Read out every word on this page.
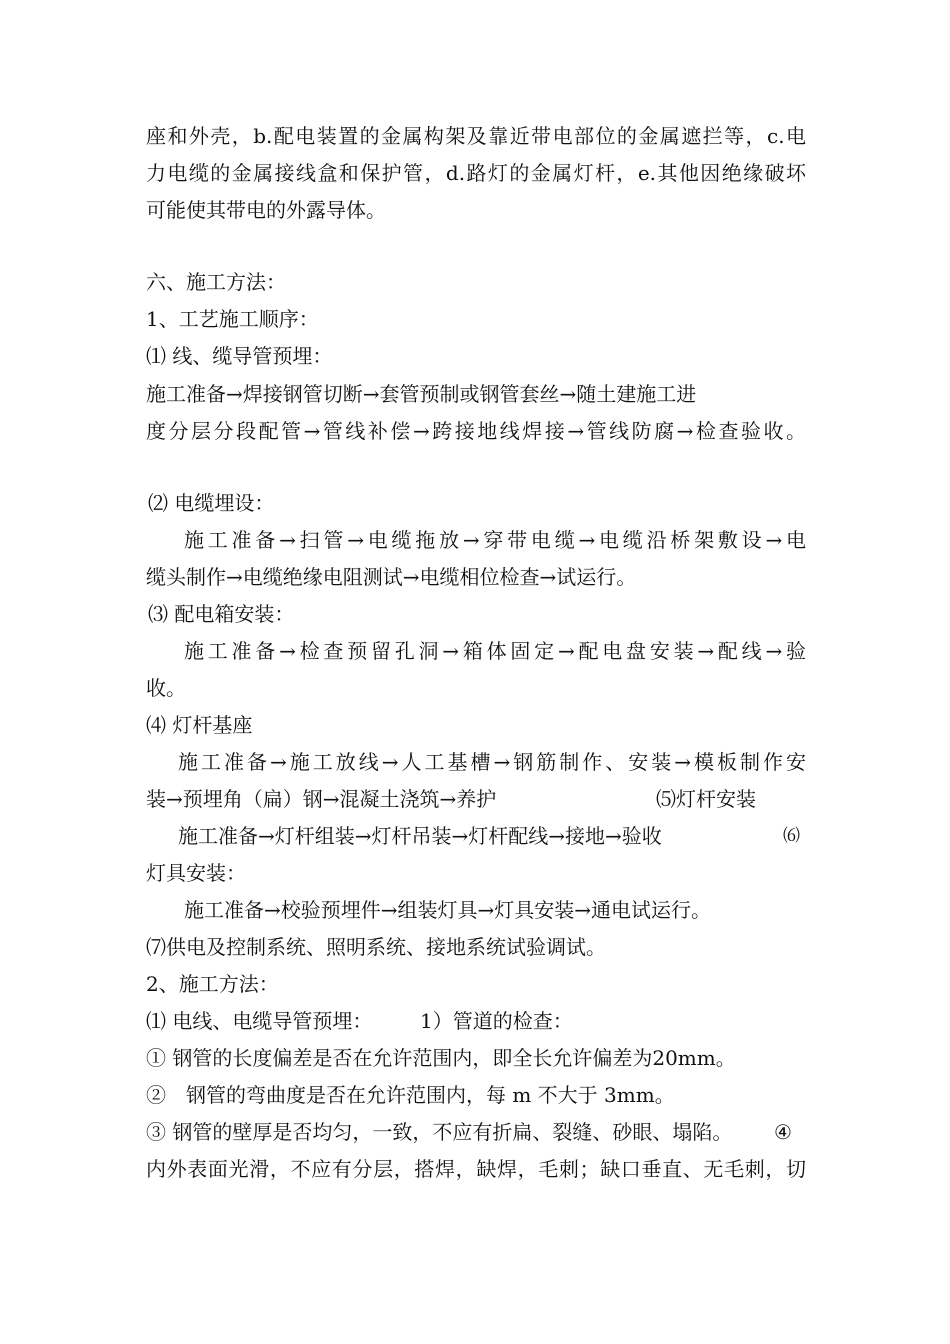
座和外壳，b.配电装置的金属构架及靠近带电部位的金属遮拦等，c.电
力电缆的金属接线盒和保护管，d.路灯的金属灯杆，e.其他因绝缘破坏
可能使其带电的外露导体。
六、施工方法：
1、工艺施工顺序：
⑴ 线、缆导管预埋：
施工准备→焊接钢管切断→套管预制或钢管套丝→随土建施工进
度分层分段配管→管线补偿→跨接地线焊接→管线防腐→检查验收。
⑵ 电缆埋设：
施工准备→扫管→电缆拖放→穿带电缆→电缆沿桥架敷设→电
缆头制作→电缆绝缘电阻测试→电缆相位检查→试运行。
⑶ 配电箱安装：
施工准备→检查预留孔洞→箱体固定→配电盘安装→配线→验
收。
⑷ 灯杆基座
施工准备→施工放线→人工基槽→钢筋制作、安装→模板制作安
装→预埋角（扁）钢→混凝土浇筑→养护	⑸灯杆安装
施工准备→灯杆组装→灯杆吊装→灯杆配线→接地→验收	⑹
灯具安装：
施工准备→校验预埋件→组装灯具→灯具安装→通电试运行。
⑺供电及控制系统、照明系统、接地系统试验调试。
2、施工方法：
⑴ 电线、电缆导管预埋： 1）管道的检查：
① 钢管的长度偏差是否在允许范围内，即全长允许偏差为20mm。
②　钢管的弯曲度是否在允许范围内，每 m 不大于 3mm。
③ 钢管的壁厚是否均匀，一致，不应有折扁、裂缝、砂眼、塌陷。 ④
内外表面光滑，不应有分层，搭焊，缺焊，毛刺；缺口垂直、无毛刺，切
